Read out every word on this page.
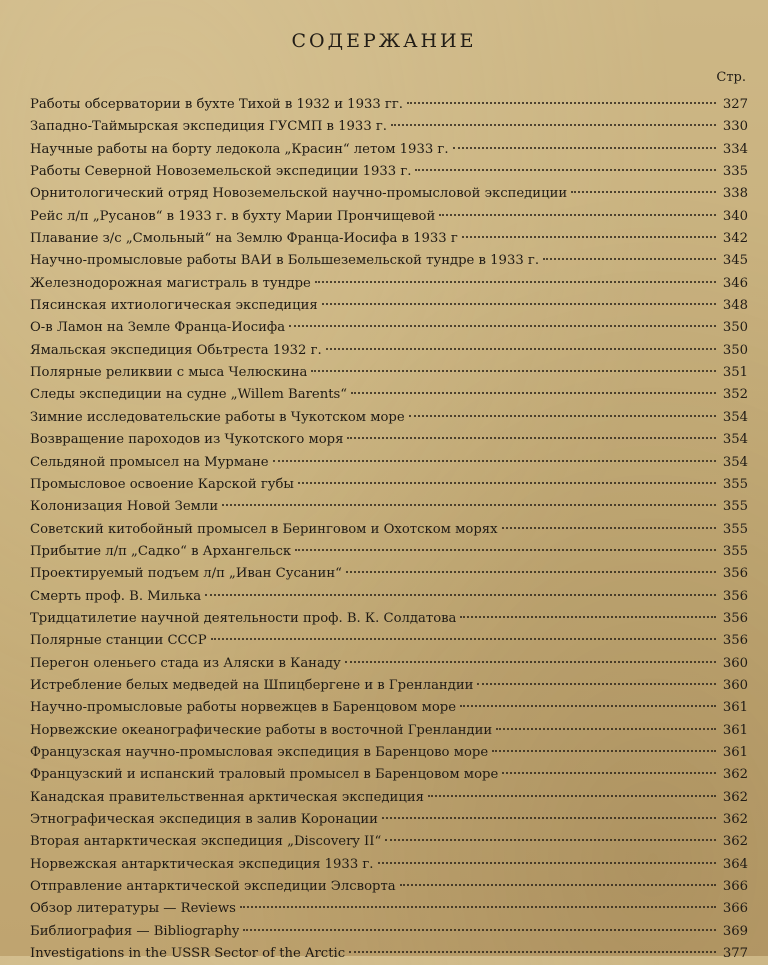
СОДЕРЖАНИЕ
Стр.
Работы обсерватории в бухте Тихой в 1932 и 1933 гг.	327
Западно-Таймырская экспедиция ГУСМП в 1933 г.	330
Научные работы на борту ледокола „Красин“ летом 1933 г.	334
Работы Северной Новоземельской экспедиции 1933 г.	335
Орнитологический отряд Новоземельской научно-промысловой экспедиции	338
Рейс л/п „Русанов“ в 1933 г. в бухту Марии Прончищевой	340
Плавание з/с „Смольный“ на Землю Франца-Иосифа в 1933 г	342
Научно-промысловые работы ВАИ в Большеземельской тундре в 1933 г.	345
Железнодорожная магистраль в тундре	346
Пясинская ихтиологическая экспедиция	348
О-в Ламон на Земле Франца-Иосифа	350
Ямальская экспедиция Обьтреста 1932 г.	350
Полярные реликвии с мыса Челюскина	351
Следы экспедиции на судне „Willem Barents“	352
Зимние исследовательские работы в Чукотском море	354
Возвращение пароходов из Чукотского моря	354
Сельдяной промысел на Мурмане	354
Промысловое освоение Карской губы	355
Колонизация Новой Земли	355
Советский китобойный промысел в Беринговом и Охотском морях	355
Прибытие л/п „Садко“ в Архангельск	355
Проектируемый подъем л/п „Иван Сусанин“	356
Смерть проф. В. Милька	356
Тридцатилетие научной деятельности проф. В. К. Солдатова	356
Полярные станции СССР	356
Перегон оленьего стада из Аляски в Канаду	360
Истребление белых медведей на Шпицбергене и в Гренландии	360
Научно-промысловые работы норвежцев в Баренцовом море	361
Норвежские океанографические работы в восточной Гренландии	361
Французская научно-промысловая экспедиция в Баренцово море	361
Французский и испанский траловый промысел в Баренцовом море	362
Канадская правительственная арктическая экспедиция	362
Этнографическая экспедиция в залив Коронации	362
Вторая антарктическая экспедиция „Discovery II“	362
Норвежская антарктическая экспедиция 1933 г.	364
Отправление антарктической экспедиции Элсворта	366
Обзор литературы — Reviews	366
Библиография — Bibliography	369
Investigations in the USSR Sector of the Arctic	377
